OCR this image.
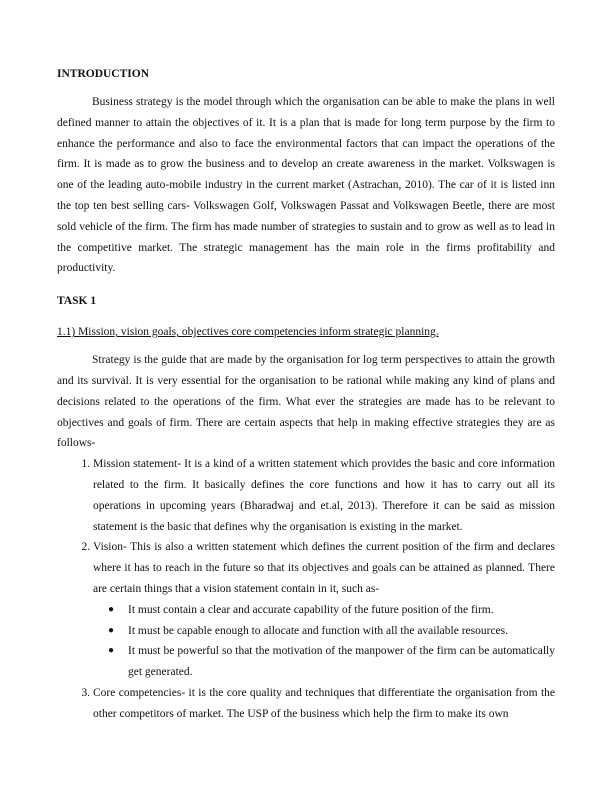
INTRODUCTION

Business strategy is the model through which the organisation can be able to make the plans in well defined manner to attain the objectives of it. It is a plan that is made for long term purpose by the firm to enhance the performance and also to face the environmental factors that can impact the operations of the firm. It is made as to grow the business and to develop an create awareness in the market. Volkswagen is one of the leading auto-mobile industry in the current market (Astrachan, 2010). The car of it is listed inn the top ten best selling cars- Volkswagen Golf, Volkswagen Passat and Volkswagen Beetle, there are most sold vehicle of the firm. The firm has made number of strategies to sustain and to grow as well as to lead in the competitive market. The strategic management has the main role in the firms profitability and productivity.

TASK 1

1.1) Mission, vision goals, objectives core competencies inform strategic planning.

Strategy is the guide that are made by the organisation for log term perspectives to attain the growth and its survival. It is very essential for the organisation to be rational while making any kind of plans and decisions related to the operations of the firm. What ever the strategies are made has to be relevant to objectives and goals of firm. There are certain aspects that help in making effective strategies they are as follows-

1. Mission statement- It is a kind of a written statement which provides the basic and core information related to the firm. It basically defines the core functions and how it has to carry out all its operations in upcoming years (Bharadwaj and et.al, 2013). Therefore it can be said as mission statement is the basic that defines why the organisation is existing in the market.
2. Vision- This is also a written statement which defines the current position of the firm and declares where it has to reach in the future so that its objectives and goals can be attained as planned. There are certain things that a vision statement contain in it, such as-
● It must contain a clear and accurate capability of the future position of the firm.
● It must be capable enough to allocate and function with all the available resources.
● It must be powerful so that the motivation of the manpower of the firm can be automatically get generated.
3. Core competencies- it is the core quality and techniques that differentiate the organisation from the other competitors of market. The USP of the business which help the firm to make its own
